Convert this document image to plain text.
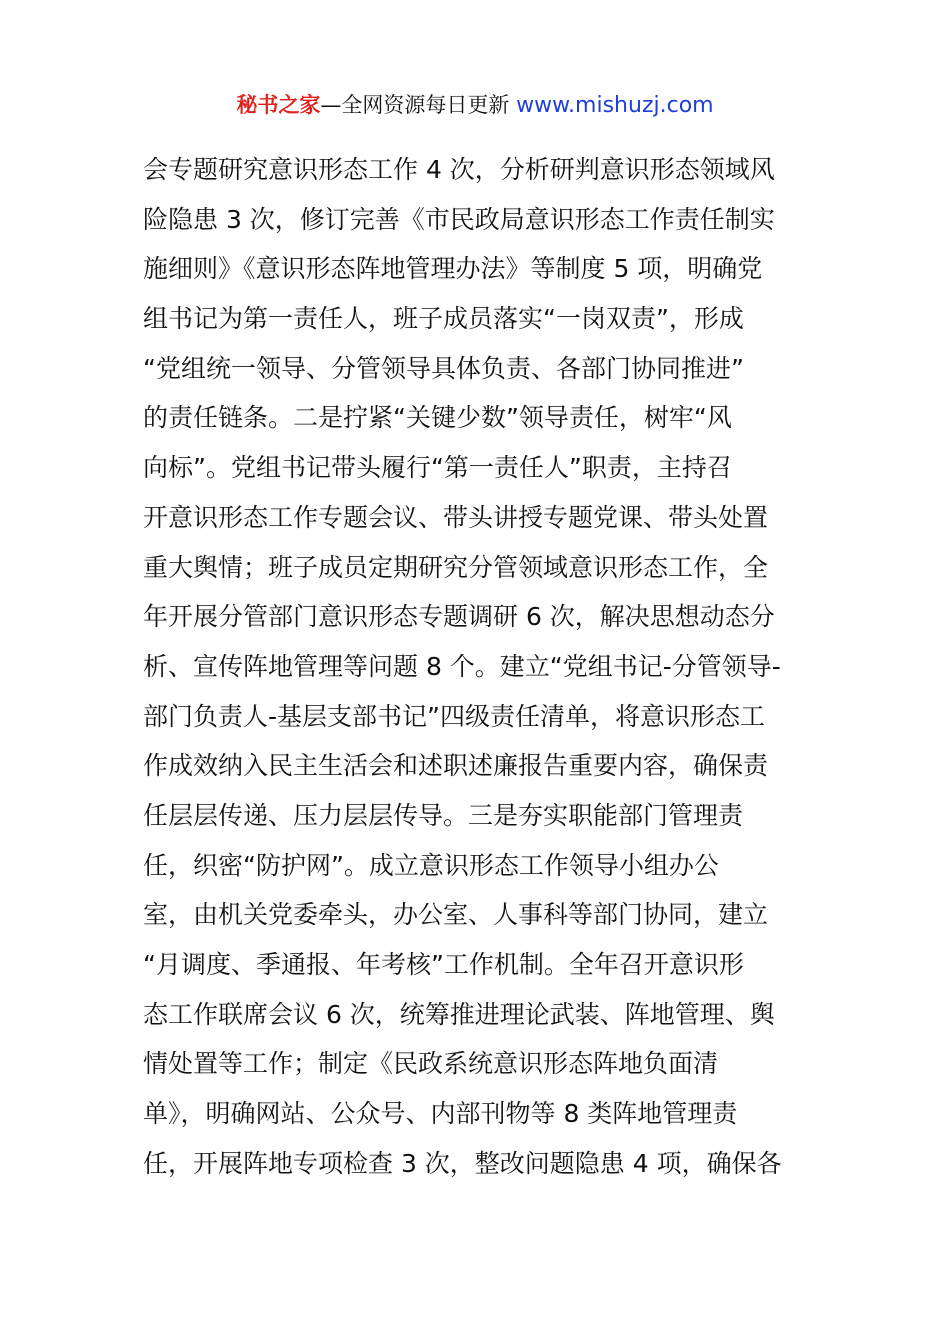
秘书之家—全网资源每日更新 www.mishuzj.com
会专题研究意识形态工作 4 次，分析研判意识形态领域风
险隐患 3 次，修订完善《市民政局意识形态工作责任制实
施细则》《意识形态阵地管理办法》等制度 5 项，明确党
组书记为第一责任人，班子成员落实“一岗双责”，形成
“党组统一领导、分管领导具体负责、各部门协同推进”
的责任链条。二是拧紧“关键少数”领导责任，树牢“风
向标”。党组书记带头履行“第一责任人”职责，主持召
开意识形态工作专题会议、带头讲授专题党课、带头处置
重大舆情；班子成员定期研究分管领域意识形态工作，全
年开展分管部门意识形态专题调研 6 次，解决思想动态分
析、宣传阵地管理等问题 8 个。建立“党组书记-分管领导-
部门负责人-基层支部书记”四级责任清单，将意识形态工
作成效纳入民主生活会和述职述廉报告重要内容，确保责
任层层传递、压力层层传导。三是夯实职能部门管理责
任，织密“防护网”。成立意识形态工作领导小组办公
室，由机关党委牵头，办公室、人事科等部门协同，建立
“月调度、季通报、年考核”工作机制。全年召开意识形
态工作联席会议 6 次，统筹推进理论武装、阵地管理、舆
情处置等工作；制定《民政系统意识形态阵地负面清
单》，明确网站、公众号、内部刊物等 8 类阵地管理责
任，开展阵地专项检查 3 次，整改问题隐患 4 项，确保各
